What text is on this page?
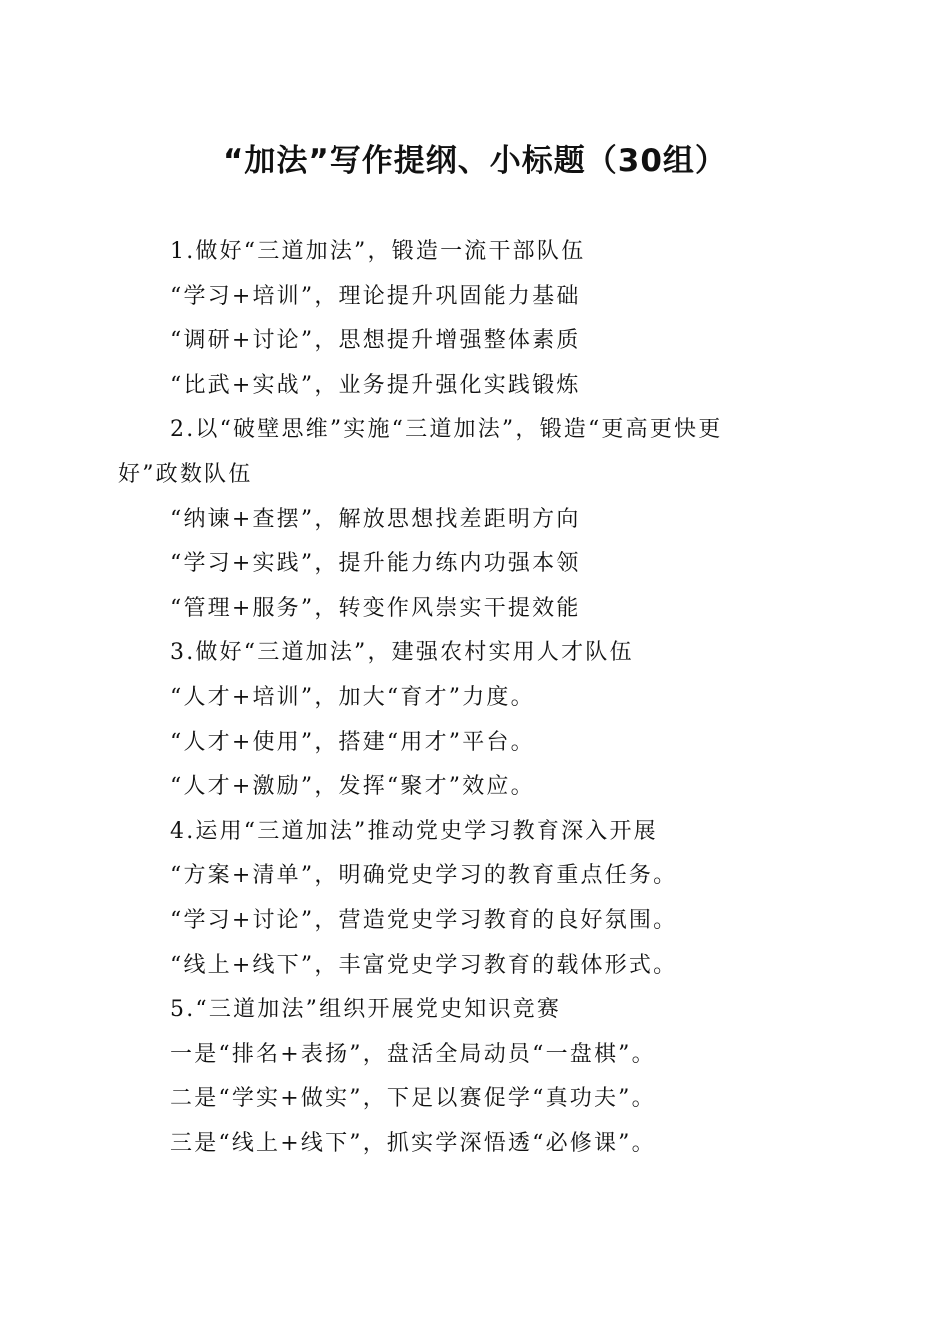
“加法”写作提纲、小标题（30组）
1.做好“三道加法”，锻造一流干部队伍
“学习+培训”，理论提升巩固能力基础
“调研+讨论”，思想提升增强整体素质
“比武+实战”，业务提升强化实践锻炼
2.以“破壁思维”实施“三道加法”，锻造“更高更快更
好”政数队伍
“纳谏+查摆”，解放思想找差距明方向
“学习+实践”，提升能力练内功强本领
“管理+服务”，转变作风崇实干提效能
3.做好“三道加法”，建强农村实用人才队伍
“人才+培训”，加大“育才”力度。
“人才+使用”，搭建“用才”平台。
“人才+激励”，发挥“聚才”效应。
4.运用“三道加法”推动党史学习教育深入开展
“方案+清单”，明确党史学习的教育重点任务。
“学习+讨论”，营造党史学习教育的良好氛围。
“线上+线下”，丰富党史学习教育的载体形式。
5.“三道加法”组织开展党史知识竞赛
一是“排名+表扬”，盘活全局动员“一盘棋”。
二是“学实+做实”，下足以赛促学“真功夫”。
三是“线上+线下”，抓实学深悟透“必修课”。
